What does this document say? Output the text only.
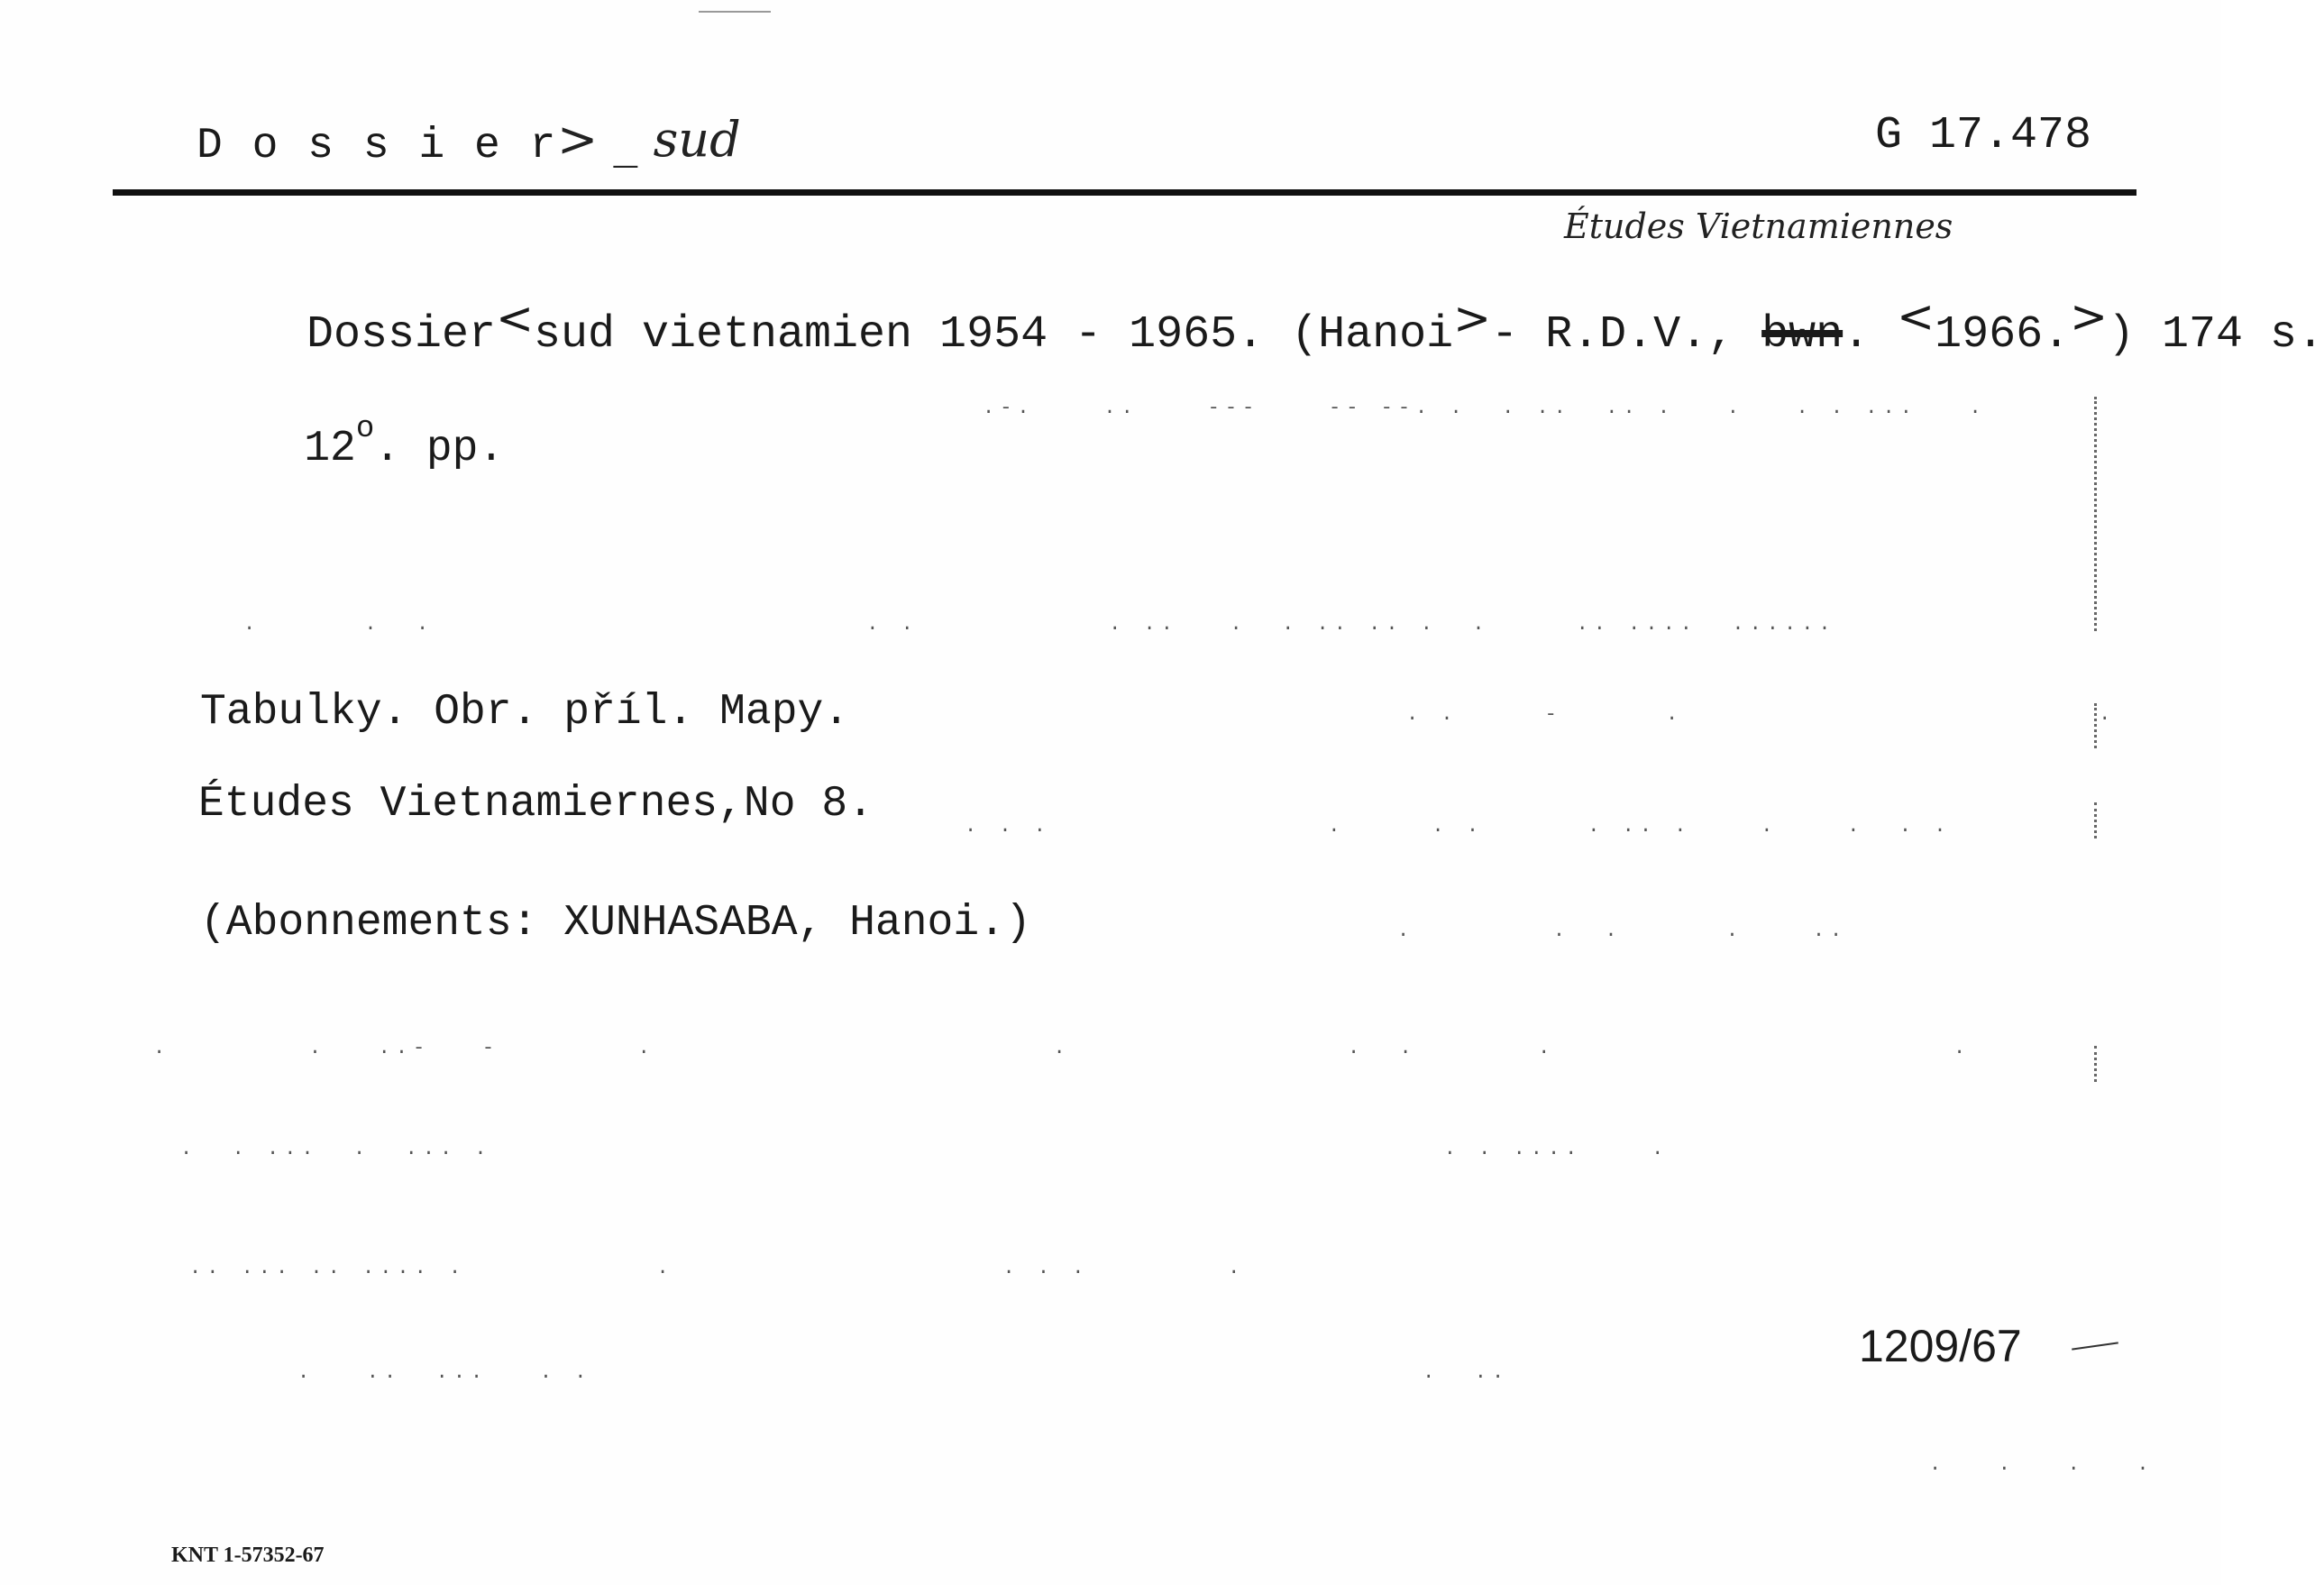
D o s s i e r > _ sud	G 17.478
Études Vietnamiennes

Dossier<sud vietnamien 1954 - 1965. (Hanoi>- R.D.V., bwn. <1966.>) 174 s.

12$^o$. pp.

Tabulky. Obr. příl. Mapy.
Études Vietnamiernes,No 8.
(Abonnements: XUNHASABA, Hanoi.)
1209/67
KNT 1-57352-67
.-.    ..    ---    -- --. .  . ..  .. .   .   . . ...   .
.      .  .                         . .           . ..   .  . .. .. .  .     .. ....  ......
. .     -      .                        .
. . .                .     . .      . .. .    .    .  . .
.        .  .      .    ..
.        .   ..-   -        .                       .                .  .       .                       .
.  . ...  .  ... .                                                       . . ....    .
.. ... .. .... .           .                   . . .        .
.   ..  ...   . .                                                .  ..
.   .   .   .
